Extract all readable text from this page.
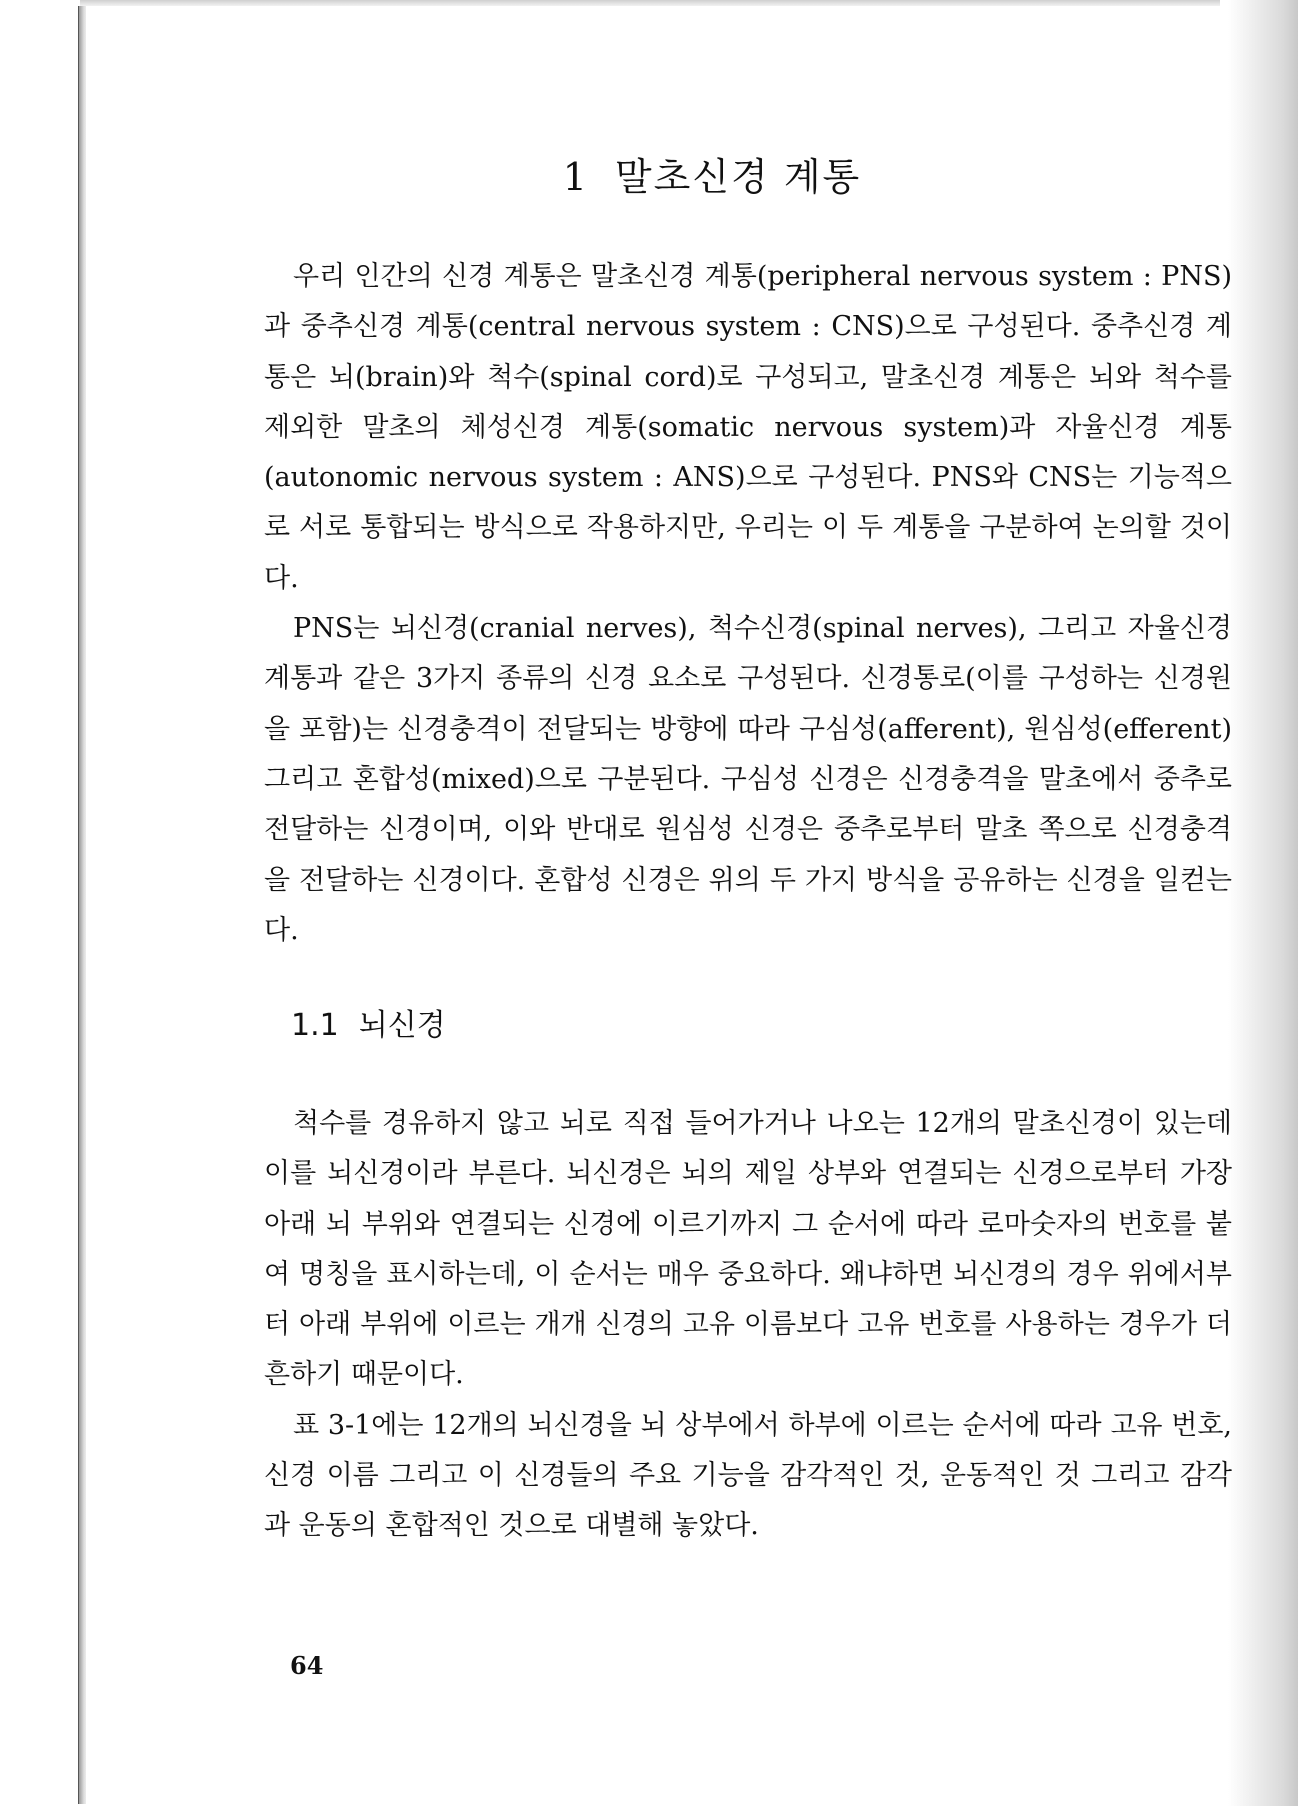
1 말초신경 계통

우리 인간의 신경 계통은 말초신경 계통(peripheral nervous system : PNS)과 중추신경 계통(central nervous system : CNS)으로 구성된다. 중추신경 계통은 뇌(brain)와 척수(spinal cord)로 구성되고, 말초신경 계통은 뇌와 척수를 제외한 말초의 체성신경 계통(somatic nervous system)과 자율신경 계통(autonomic nervous system : ANS)으로 구성된다. PNS와 CNS는 기능적으로 서로 통합되는 방식으로 작용하지만, 우리는 이 두 계통을 구분하여 논의할 것이다.

PNS는 뇌신경(cranial nerves), 척수신경(spinal nerves), 그리고 자율신경 계통과 같은 3가지 종류의 신경 요소로 구성된다. 신경통로(이를 구성하는 신경원을 포함)는 신경충격이 전달되는 방향에 따라 구심성(afferent), 원심성(efferent) 그리고 혼합성(mixed)으로 구분된다. 구심성 신경은 신경충격을 말초에서 중추로 전달하는 신경이며, 이와 반대로 원심성 신경은 중추로부터 말초 쪽으로 신경충격을 전달하는 신경이다. 혼합성 신경은 위의 두 가지 방식을 공유하는 신경을 일컫는다.

1.1 뇌신경

척수를 경유하지 않고 뇌로 직접 들어가거나 나오는 12개의 말초신경이 있는데 이를 뇌신경이라 부른다. 뇌신경은 뇌의 제일 상부와 연결되는 신경으로부터 가장 아래 뇌 부위와 연결되는 신경에 이르기까지 그 순서에 따라 로마숫자의 번호를 붙여 명칭을 표시하는데, 이 순서는 매우 중요하다. 왜냐하면 뇌신경의 경우 위에서부터 아래 부위에 이르는 개개 신경의 고유 이름보다 고유 번호를 사용하는 경우가 더 흔하기 때문이다.

표 3-1에는 12개의 뇌신경을 뇌 상부에서 하부에 이르는 순서에 따라 고유 번호, 신경 이름 그리고 이 신경들의 주요 기능을 감각적인 것, 운동적인 것 그리고 감각과 운동의 혼합적인 것으로 대별해 놓았다.

64
